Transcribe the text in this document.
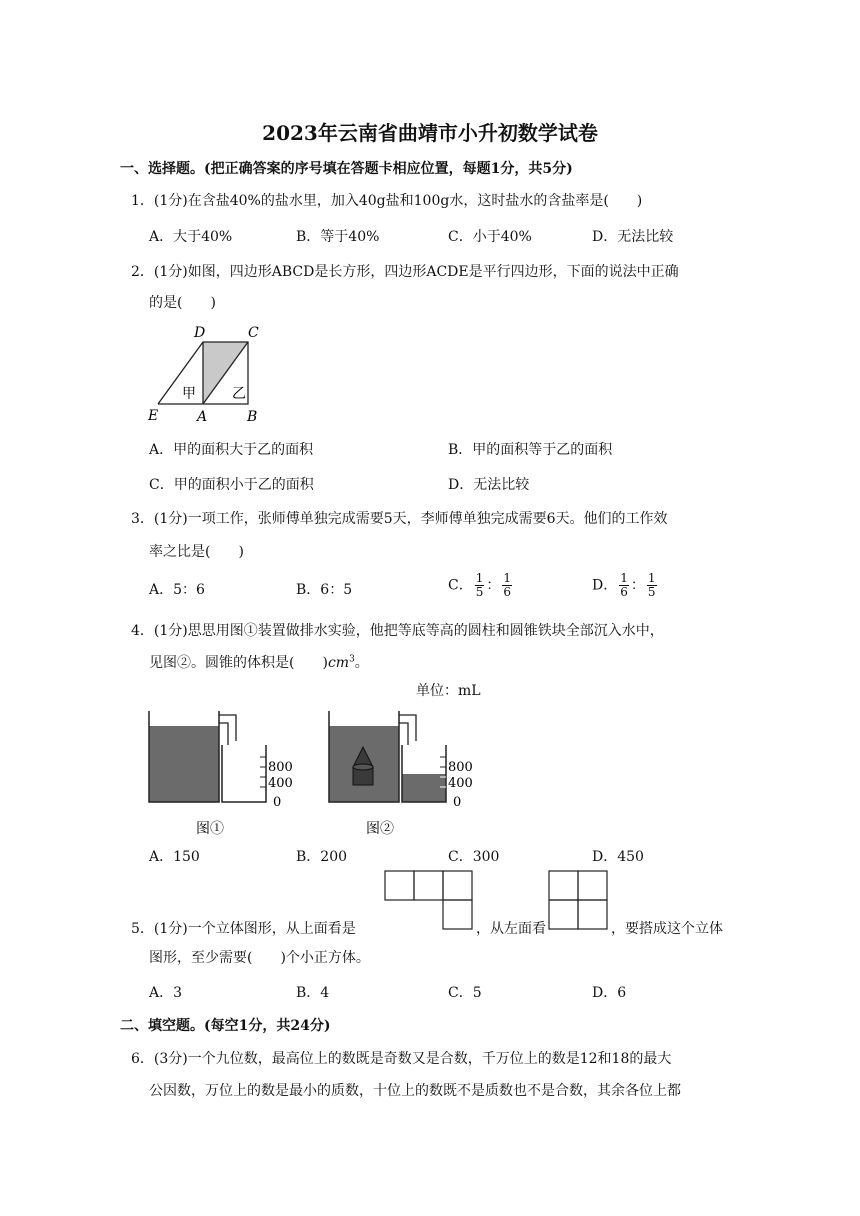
2023年云南省曲靖市小升初数学试卷
一、选择题。(把正确答案的序号填在答题卡相应位置，每题1分，共5分)
1．(1分)在含盐40%的盐水里，加入40g盐和100g水，这时盐水的含盐率是(　　)
A．大于40%	B．等于40%	C．小于40%	D．无法比较
2．(1分)如图，四边形ABCD是长方形，四边形ACDE是平行四边形，下面的说法中正确
的是(　　)
D	C
E	A	B
甲	乙
A．甲的面积大于乙的面积	B．甲的面积等于乙的面积
C．甲的面积小于乙的面积	D．无法比较
3．(1分)一项工作，张师傅单独完成需要5天，李师傅单独完成需要6天。他们的工作效
率之比是(　　)
A．5：6	B．6：5	C． $\frac{1}{5}$ ： $\frac{1}{6}$	D． $\frac{1}{6}$ ： $\frac{1}{5}$
4．(1分)思思用图①装置做排水实验，他把等底等高的圆柱和圆锥铁块全部沉入水中，
见图②。圆锥的体积是(　　)$cm^3$。
单位：mL
800
400
0
图①
800
400
0
图②
A．150	B．200	C．300	D．450
5．(1分)一个立体图形，从上面看是	，从左面看	，要搭成这个立体
图形，至少需要(　　)个小正方体。
A．3	B．4	C．5	D．6
二、填空题。(每空1分，共24分)
6．(3分)一个九位数，最高位上的数既是奇数又是合数，千万位上的数是12和18的最大
公因数，万位上的数是最小的质数，十位上的数既不是质数也不是合数，其余各位上都
